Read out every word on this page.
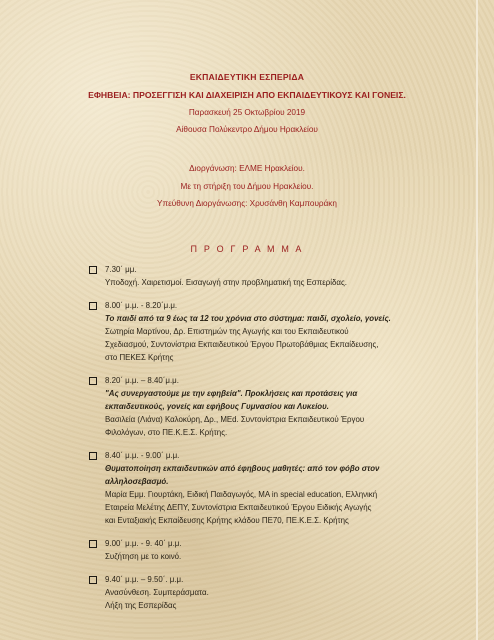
ΕΚΠΑΙΔΕΥΤΙΚΗ ΕΣΠΕΡΙΔΑ
ΕΦΗΒΕΙΑ: ΠΡΟΣΕΓΓΙΣΗ ΚΑΙ ΔΙΑΧΕΙΡΙΣΗ ΑΠΟ ΕΚΠΑΙΔΕΥΤΙΚΟΥΣ ΚΑΙ ΓΟΝΕΙΣ.
Παρασκευή 25 Οκτωβρίου 2019
Αίθουσα Πολύκεντρο Δήμου Ηρακλείου
Διοργάνωση: ΕΛΜΕ Ηρακλείου.
Με τη στήριξη του Δήμου Ηρακλείου.
Υπεύθυνη Διοργάνωσης: Χρυσάνθη Καμπουράκη
Π Ρ Ο Γ Ρ Α Μ Μ Α
7.30΄ μμ.
Υποδοχή. Χαιρετισμοί. Εισαγωγή στην προβληματική της Εσπερίδας.
8.00΄ μ.μ. - 8.20΄μ.μ.
Το παιδί από τα 9 έως τα 12 του χρόνια στο σύστημα: παιδί, σχολείο, γονείς.
Σωτηρία Μαρτίνου, Δρ. Επιστημών της Αγωγής και του Εκπαιδευτικού
Σχεδιασμού, Συντονίστρια Εκπαιδευτικού Έργου Πρωτοβάθμιας Εκπαίδευσης,
στο ΠΕΚΕΣ Κρήτης
8.20΄ μ.μ. – 8.40΄μ.μ.
"Ας συνεργαστούμε με την εφηβεία". Προκλήσεις και προτάσεις για
εκπαιδευτικούς, γονείς και εφήβους Γυμνασίου και Λυκείου.
Βασιλεία (Λιάνα) Καλοκύρη, Δρ., MEd. Συντονίστρια Εκπαιδευτικού Έργου
Φιλολόγων, στο ΠΕ.Κ.Ε.Σ. Κρήτης.
8.40΄ μ.μ. - 9.00΄ μ.μ.
Θυματοποίηση εκπαιδευτικών από έφηβους μαθητές: από τον φόβο στον
αλληλοσεβασμό.
Μαρία Εμμ. Γιουρτάκη, Ειδική Παιδαγωγός, MA in special education, Ελληνική
Εταιρεία Μελέτης ΔΕΠΥ, Συντονίστρια Εκπαιδευτικού Έργου Ειδικής Αγωγής
και Ενταξιακής Εκπαίδευσης Κρήτης κλάδου ΠΕ70, ΠΕ.Κ.Ε.Σ. Κρήτης
9.00΄ μ.μ. - 9. 40΄ μ.μ.
Συζήτηση με το κοινό.
9.40΄ μ.μ. – 9.50΄. μ.μ.
Ανασύνθεση. Συμπεράσματα.
Λήξη της Εσπερίδας
